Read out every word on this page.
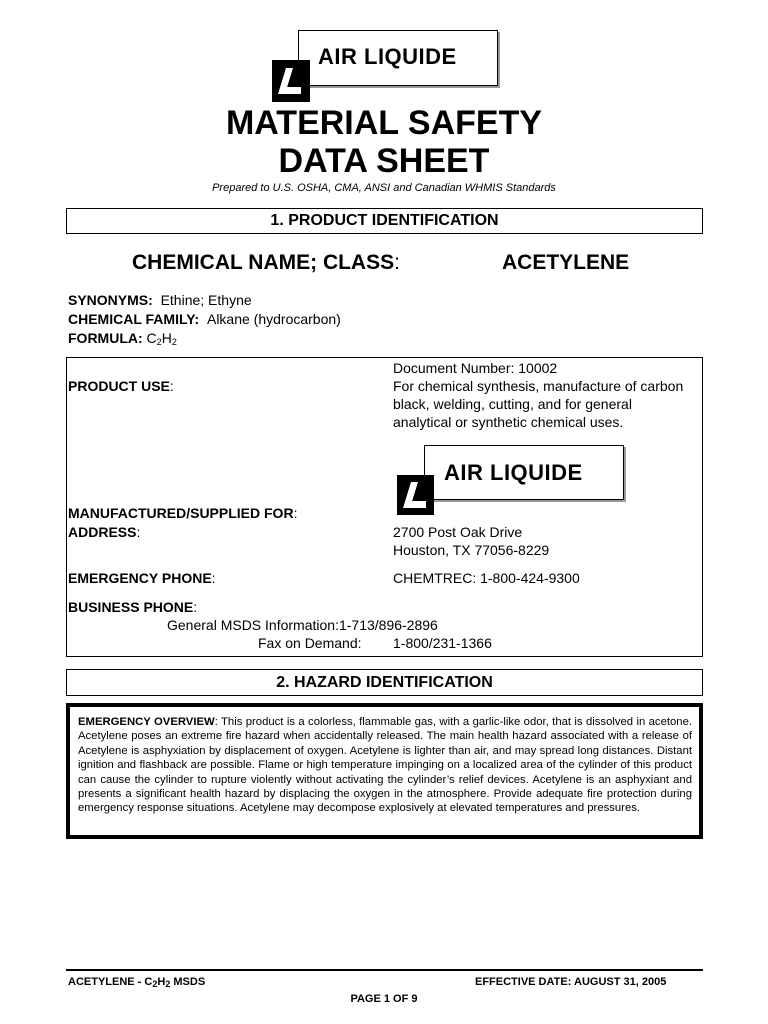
AIR LIQUIDE
MATERIAL SAFETY
DATA SHEET
Prepared to U.S. OSHA, CMA, ANSI and Canadian WHMIS Standards
1. PRODUCT IDENTIFICATION
CHEMICAL NAME; CLASS:	ACETYLENE
SYNONYMS: Ethine; Ethyne
CHEMICAL FAMILY: Alkane (hydrocarbon)
FORMULA: $C_2H_2$
Document Number: 10002
PRODUCT USE:	For chemical synthesis, manufacture of carbon
black, welding, cutting, and for general
analytical or synthetic chemical uses.
AIR LIQUIDE
MANUFACTURED/SUPPLIED FOR:
ADDRESS:	2700 Post Oak Drive
Houston, TX 77056-8229
EMERGENCY PHONE:	CHEMTREC: 1-800-424-9300
BUSINESS PHONE:
General MSDS Information:1-713/896-2896
Fax on Demand: 1-800/231-1366
2. HAZARD IDENTIFICATION
EMERGENCY OVERVIEW: This product is a colorless, flammable gas, with a garlic-like odor, that is dissolved in acetone. Acetylene poses an extreme fire hazard when accidentally released. The main health hazard associated with a release of Acetylene is asphyxiation by displacement of oxygen. Acetylene is lighter than air, and may spread long distances. Distant ignition and flashback are possible. Flame or high temperature impinging on a localized area of the cylinder of this product can cause the cylinder to rupture violently without activating the cylinder’s relief devices. Acetylene is an asphyxiant and presents a significant health hazard by displacing the oxygen in the atmosphere. Provide adequate fire protection during emergency response situations. Acetylene may decompose explosively at elevated temperatures and pressures.
ACETYLENE - $C_2H_2$ MSDS	EFFECTIVE DATE: AUGUST 31, 2005
PAGE 1 OF 9
